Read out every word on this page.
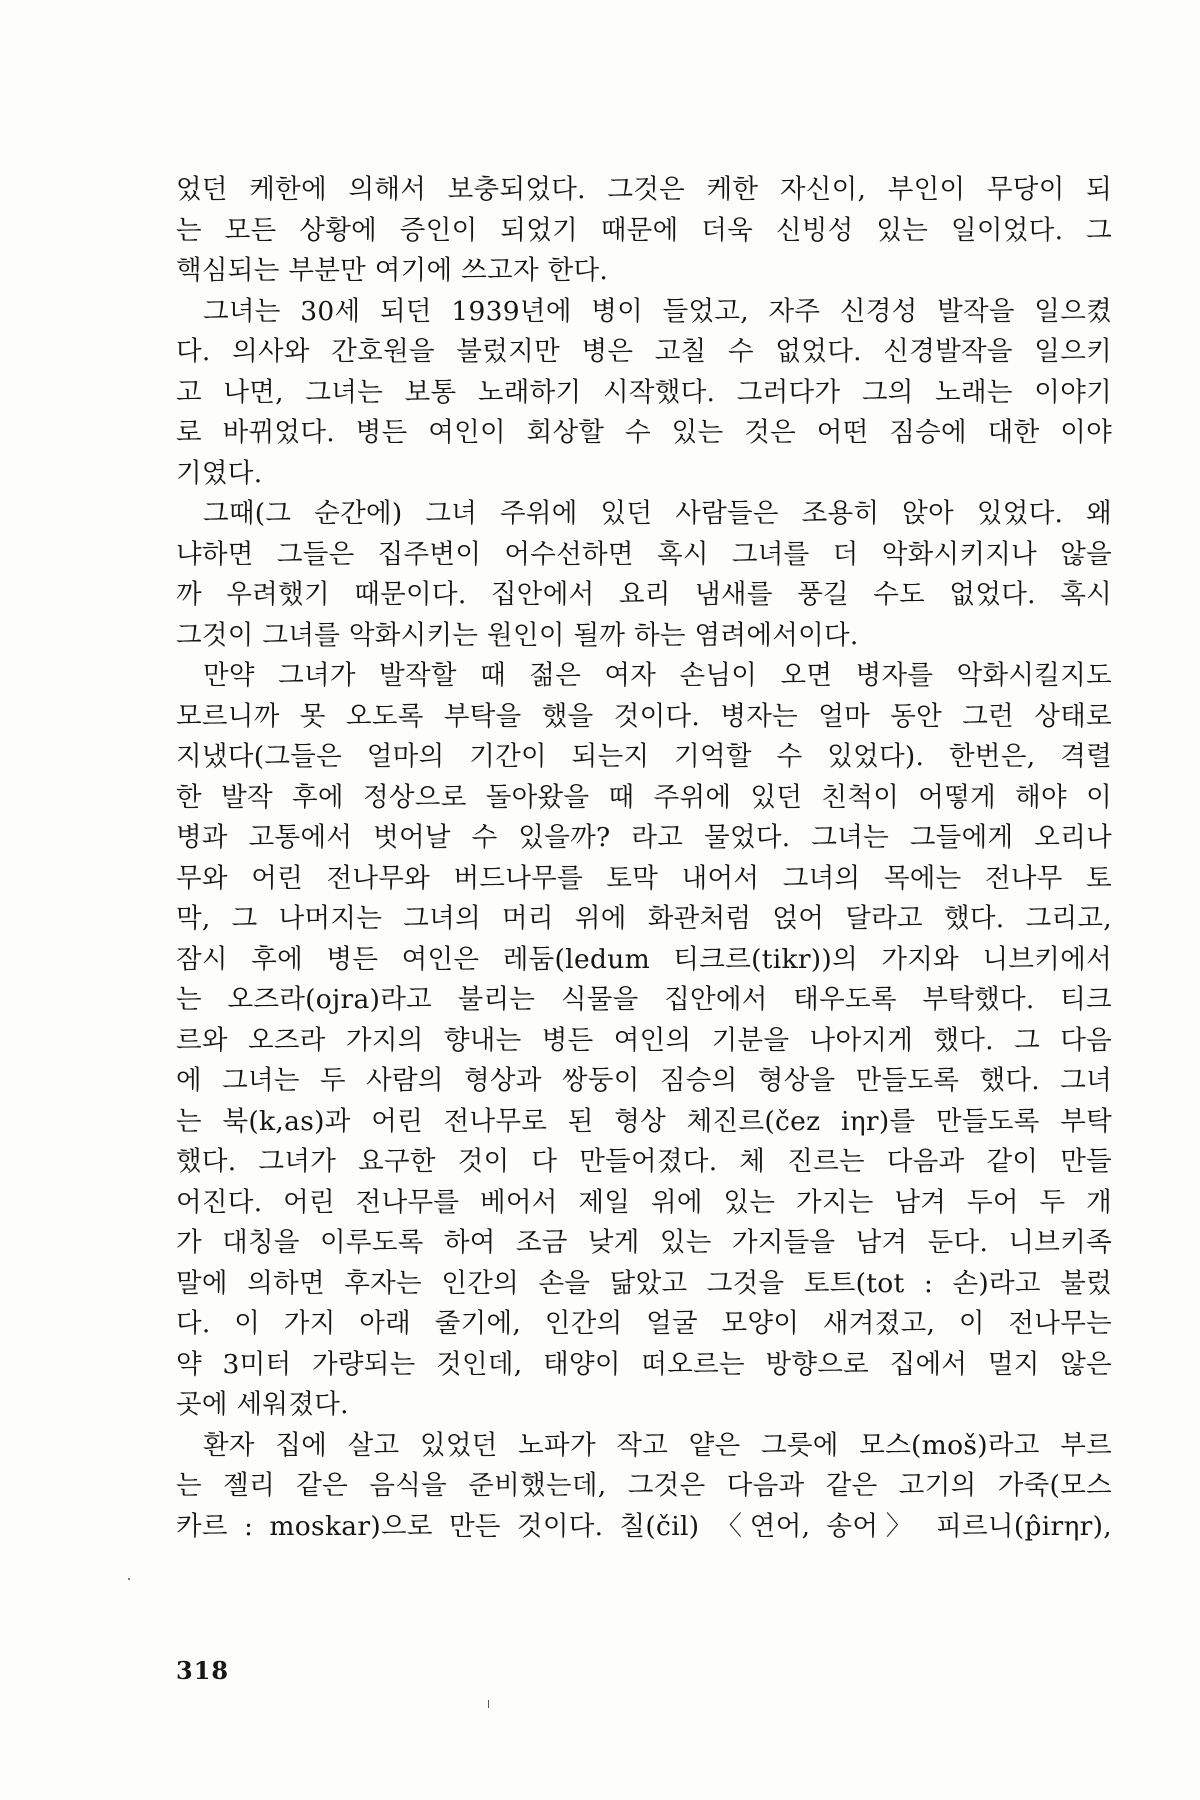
었던 케한에 의해서 보충되었다. 그것은 케한 자신이, 부인이 무당이 되
는 모든 상황에 증인이 되었기 때문에 더욱 신빙성 있는 일이었다. 그
핵심되는 부분만 여기에 쓰고자 한다.
그녀는 30세 되던 1939년에 병이 들었고, 자주 신경성 발작을 일으켰
다. 의사와 간호원을 불렀지만 병은 고칠 수 없었다. 신경발작을 일으키
고 나면, 그녀는 보통 노래하기 시작했다. 그러다가 그의 노래는 이야기
로 바뀌었다. 병든 여인이 회상할 수 있는 것은 어떤 짐승에 대한 이야
기였다.
그때(그 순간에) 그녀 주위에 있던 사람들은 조용히 앉아 있었다. 왜
냐하면 그들은 집주변이 어수선하면 혹시 그녀를 더 악화시키지나 않을
까 우려했기 때문이다. 집안에서 요리 냄새를 풍길 수도 없었다. 혹시
그것이 그녀를 악화시키는 원인이 될까 하는 염려에서이다.
만약 그녀가 발작할 때 젊은 여자 손님이 오면 병자를 악화시킬지도
모르니까 못 오도록 부탁을 했을 것이다. 병자는 얼마 동안 그런 상태로
지냈다(그들은 얼마의 기간이 되는지 기억할 수 있었다). 한번은, 격렬
한 발작 후에 정상으로 돌아왔을 때 주위에 있던 친척이 어떻게 해야 이
병과 고통에서 벗어날 수 있을까? 라고 물었다. 그녀는 그들에게 오리나
무와 어린 전나무와 버드나무를 토막 내어서 그녀의 목에는 전나무 토
막, 그 나머지는 그녀의 머리 위에 화관처럼 얹어 달라고 했다. 그리고,
잠시 후에 병든 여인은 레둠(ledum 티크르(tikr))의 가지와 니브키에서
는 오즈라(ojra)라고 불리는 식물을 집안에서 태우도록 부탁했다. 티크
르와 오즈라 가지의 향내는 병든 여인의 기분을 나아지게 했다. 그 다음
에 그녀는 두 사람의 형상과 쌍둥이 짐승의 형상을 만들도록 했다. 그녀
는 북(k,as)과 어린 전나무로 된 형상 체진르(čez iηr)를 만들도록 부탁
했다. 그녀가 요구한 것이 다 만들어졌다. 체 진르는 다음과 같이 만들
어진다. 어린 전나무를 베어서 제일 위에 있는 가지는 남겨 두어 두 개
가 대칭을 이루도록 하여 조금 낮게 있는 가지들을 남겨 둔다. 니브키족
말에 의하면 후자는 인간의 손을 닮았고 그것을 토트(tot : 손)라고 불렀
다. 이 가지 아래 줄기에, 인간의 얼굴 모양이 새겨졌고, 이 전나무는
약 3미터 가량되는 것인데, 태양이 떠오르는 방향으로 집에서 멀지 않은
곳에 세워졌다.
환자 집에 살고 있었던 노파가 작고 얕은 그릇에 모스(moš)라고 부르
는 젤리 같은 음식을 준비했는데, 그것은 다음과 같은 고기의 가죽(모스
카르 : moskar)으로 만든 것이다. 칠(čil) 〈연어, 송어〉 피르니(p̂irηr),
318
